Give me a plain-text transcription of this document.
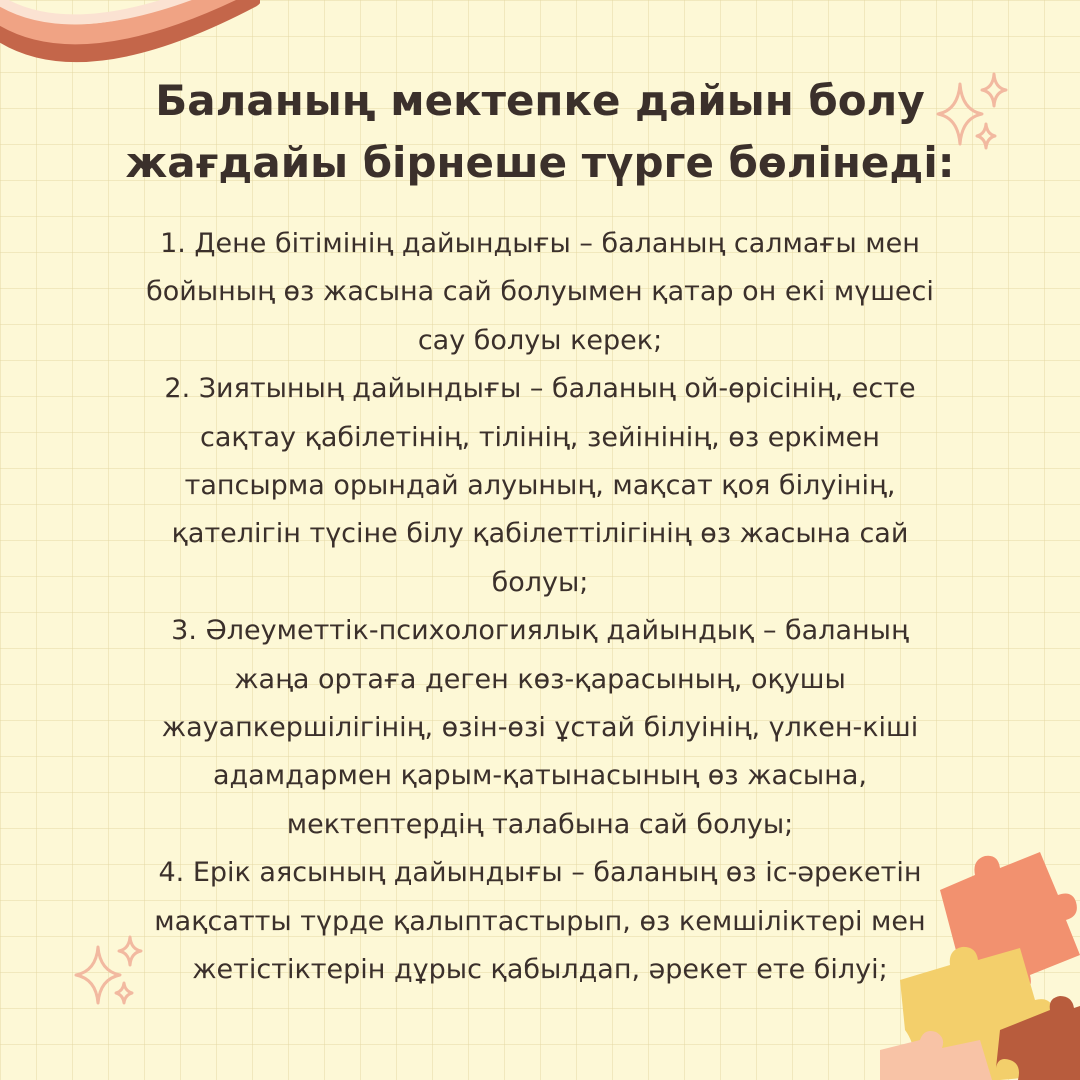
Баланың мектепке дайын болу
жағдайы бірнеше түрге бөлінеді:
1. Дене бітімінің дайындығы – баланың салмағы мен
бойының өз жасына сай болуымен қатар он екі мүшесі
сау болуы керек;
2. Зиятының дайындығы – баланың ой-өрісінің, есте
сақтау қабілетінің, тілінің, зейінінің, өз еркімен
тапсырма орындай алуының, мақсат қоя білуінің,
қателігін түсіне білу қабілеттілігінің өз жасына сай
болуы;
3. Әлеуметтік-психологиялық дайындық – баланың
жаңа ортаға деген көз-қарасының, оқушы
жауапкершілігінің, өзін-өзі ұстай білуінің, үлкен-кіші
адамдармен қарым-қатынасының өз жасына,
мектептердің талабына сай болуы;
4. Ерік аясының дайындығы – баланың өз іс-әрекетін
мақсатты түрде қалыптастырып, өз кемшіліктері мен
жетістіктерін дұрыс қабылдап, әрекет ете білуі;
